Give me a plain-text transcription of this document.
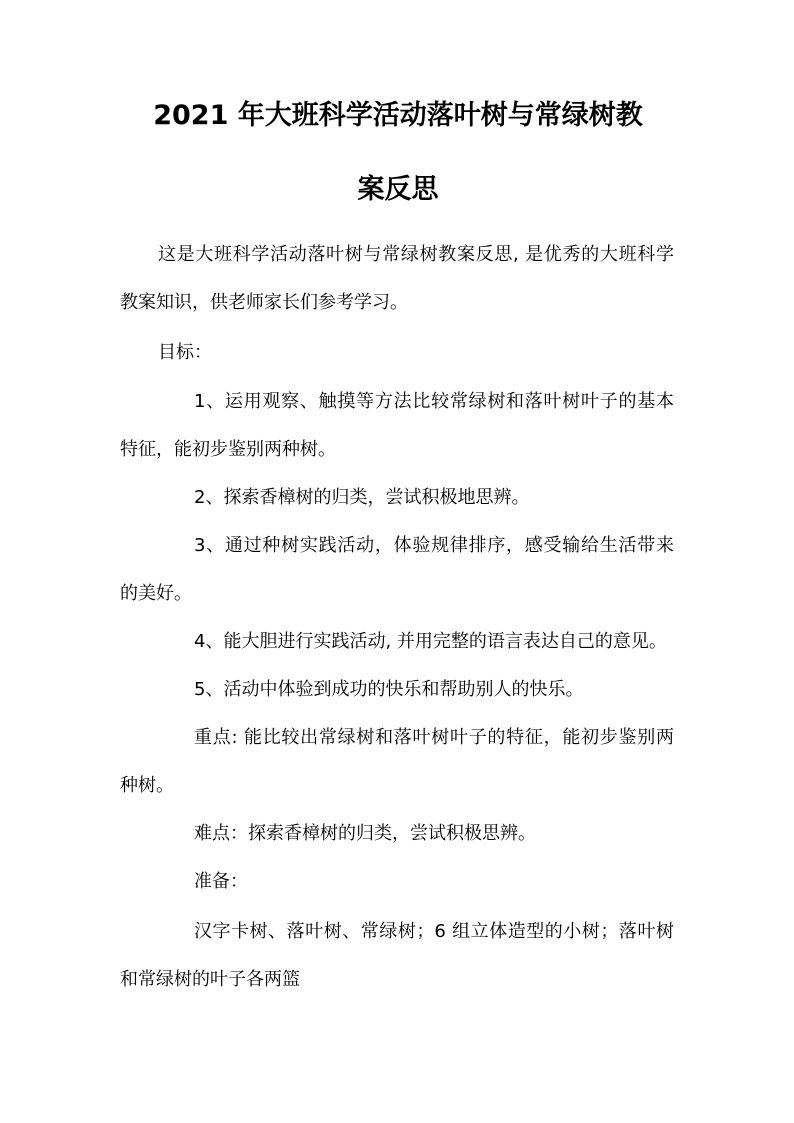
2021 年大班科学活动落叶树与常绿树教
案反思

这是大班科学活动落叶树与常绿树教案反思, 是优秀的大班科学

教案知识，供老师家长们参考学习。

目标：

1、运用观察、触摸等方法比较常绿树和落叶树叶子的基本

特征，能初步鉴别两种树。

2、探索香樟树的归类，尝试积极地思辨。

3、通过种树实践活动，体验规律排序，感受输给生活带来

的美好。

4、能大胆进行实践活动, 并用完整的语言表达自己的意见。

5、活动中体验到成功的快乐和帮助别人的快乐。

重点: 能比较出常绿树和落叶树叶子的特征，能初步鉴别两

种树。

难点：探索香樟树的归类，尝试积极思辨。

准备：

汉字卡树、落叶树、常绿树；6 组立体造型的小树；落叶树

和常绿树的叶子各两篮
